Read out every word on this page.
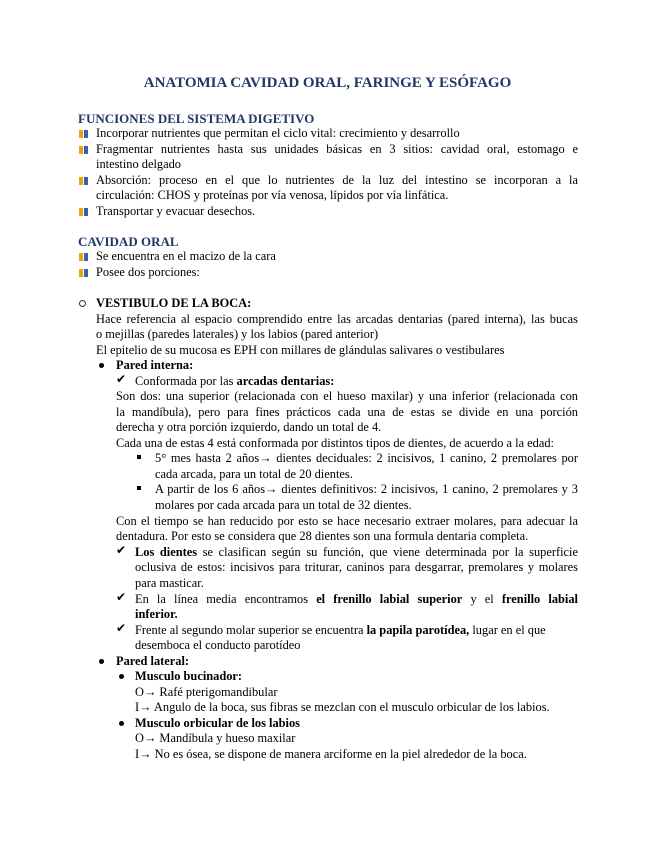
ANATOMIA CAVIDAD ORAL, FARINGE Y ESÓFAGO
FUNCIONES DEL SISTEMA DIGETIVO
Incorporar nutrientes que permitan el ciclo vital: crecimiento y desarrollo
Fragmentar nutrientes hasta sus unidades básicas en 3 sitios: cavidad oral, estomago e
intestino delgado
Absorción: proceso en el que lo nutrientes de la luz del intestino se incorporan a la
circulación: CHOS y proteínas por vía venosa, lípidos por vía linfática.
Transportar y evacuar desechos.
CAVIDAD ORAL
Se encuentra en el macizo de la cara
Posee dos porciones:
VESTIBULO DE LA BOCA:
Hace referencia al espacio comprendido entre las arcadas dentarias (pared interna), las bucas
o mejillas (paredes laterales) y los labios (pared anterior)
El epitelio de su mucosa es EPH con millares de glándulas salivares o vestibulares
Pared interna:
✔ Conformada por las arcadas dentarias:
Son dos: una superior (relacionada con el hueso maxilar) y una inferior (relacionada con
la mandíbula), pero para fines prácticos cada una de estas se divide en una porción
derecha y otra porción izquierdo, dando un total de 4.
Cada una de estas 4 está conformada por distintos tipos de dientes, de acuerdo a la edad:
5° mes hasta 2 años→ dientes deciduales: 2 incisivos, 1 canino, 2 premolares por
cada arcada, para un total de 20 dientes.
A partir de los 6 años→ dientes definitivos: 2 incisivos, 1 canino, 2 premolares y 3
molares por cada arcada para un total de 32 dientes.
Con el tiempo se han reducido por esto se hace necesario extraer molares, para adecuar la
dentadura. Por esto se considera que 28 dientes son una formula dentaria completa.
✔ Los dientes se clasifican según su función, que viene determinada por la superficie
oclusiva de estos: incisivos para triturar, caninos para desgarrar, premolares y molares
para masticar.
✔ En la línea media encontramos el frenillo labial superior y el frenillo labial
inferior.
✔ Frente al segundo molar superior se encuentra la papila parotídea, lugar en el que
desemboca el conducto parotídeo
Pared lateral:
Musculo bucinador:
O→ Rafé pterigomandibular
I→ Angulo de la boca, sus fibras se mezclan con el musculo orbicular de los labios.
Musculo orbicular de los labios
O→ Mandíbula y hueso maxilar
I→ No es ósea, se dispone de manera arciforme en la piel alrededor de la boca.
